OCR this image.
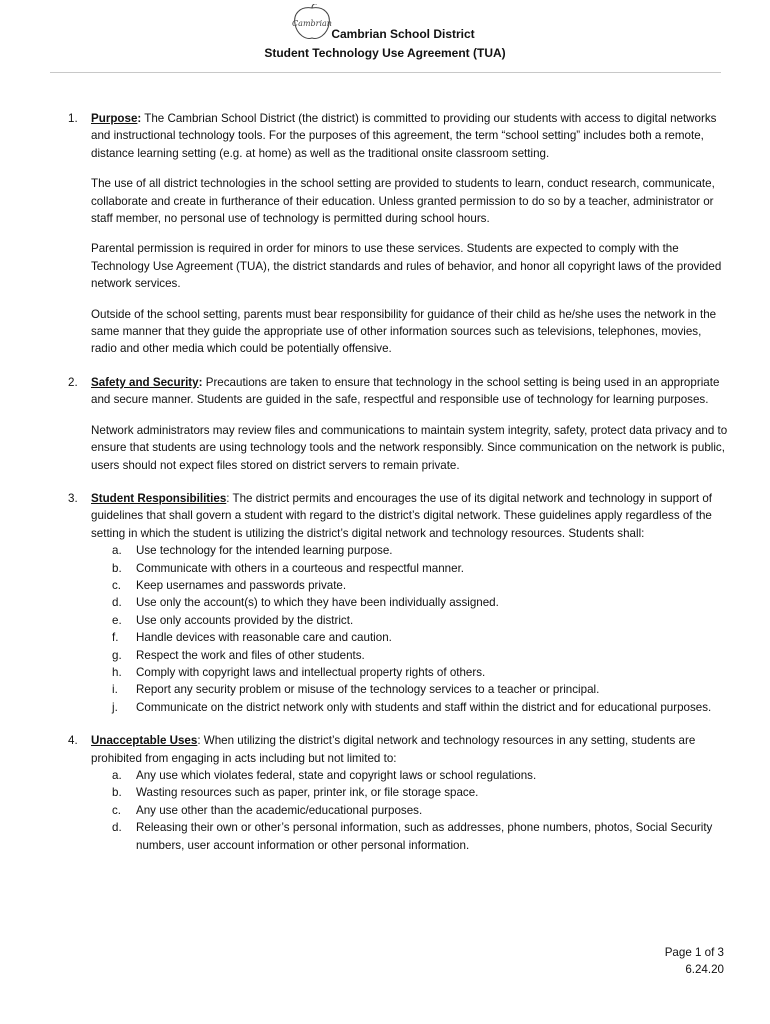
Cambrian
Cambrian School District
Student Technology Use Agreement (TUA)
1. Purpose: The Cambrian School District (the district) is committed to providing our students with access to digital networks and instructional technology tools. For the purposes of this agreement, the term “school setting” includes both a remote, distance learning setting (e.g. at home) as well as the traditional onsite classroom setting.

The use of all district technologies in the school setting are provided to students to learn, conduct research, communicate, collaborate and create in furtherance of their education. Unless granted permission to do so by a teacher, administrator or staff member, no personal use of technology is permitted during school hours.

Parental permission is required in order for minors to use these services. Students are expected to comply with the Technology Use Agreement (TUA), the district standards and rules of behavior, and honor all copyright laws of the provided network services.

Outside of the school setting, parents must bear responsibility for guidance of their child as he/she uses the network in the same manner that they guide the appropriate use of other information sources such as televisions, telephones, movies, radio and other media which could be potentially offensive.

2. Safety and Security: Precautions are taken to ensure that technology in the school setting is being used in an appropriate and secure manner. Students are guided in the safe, respectful and responsible use of technology for learning purposes.

Network administrators may review files and communications to maintain system integrity, safety, protect data privacy and to ensure that students are using technology tools and the network responsibly. Since communication on the network is public, users should not expect files stored on district servers to remain private.

3. Student Responsibilities: The district permits and encourages the use of its digital network and technology in support of guidelines that shall govern a student with regard to the district’s digital network. These guidelines apply regardless of the setting in which the student is utilizing the district’s digital network and technology resources. Students shall:

a. Use technology for the intended learning purpose.
b. Communicate with others in a courteous and respectful manner.
c. Keep usernames and passwords private.
d. Use only the account(s) to which they have been individually assigned.
e. Use only accounts provided by the district.
f. Handle devices with reasonable care and caution.
g. Respect the work and files of other students.
h. Comply with copyright laws and intellectual property rights of others.
i. Report any security problem or misuse of the technology services to a teacher or principal.
j. Communicate on the district network only with students and staff within the district and for educational purposes.
4. Unacceptable Uses: When utilizing the district’s digital network and technology resources in any setting, students are prohibited from engaging in acts including but not limited to:

a. Any use which violates federal, state and copyright laws or school regulations.
b. Wasting resources such as paper, printer ink, or file storage space.
c. Any use other than the academic/educational purposes.
d. Releasing their own or other’s personal information, such as addresses, phone numbers, photos, Social Security numbers, user account information or other personal information.
Page 1 of 3
6.24.20
